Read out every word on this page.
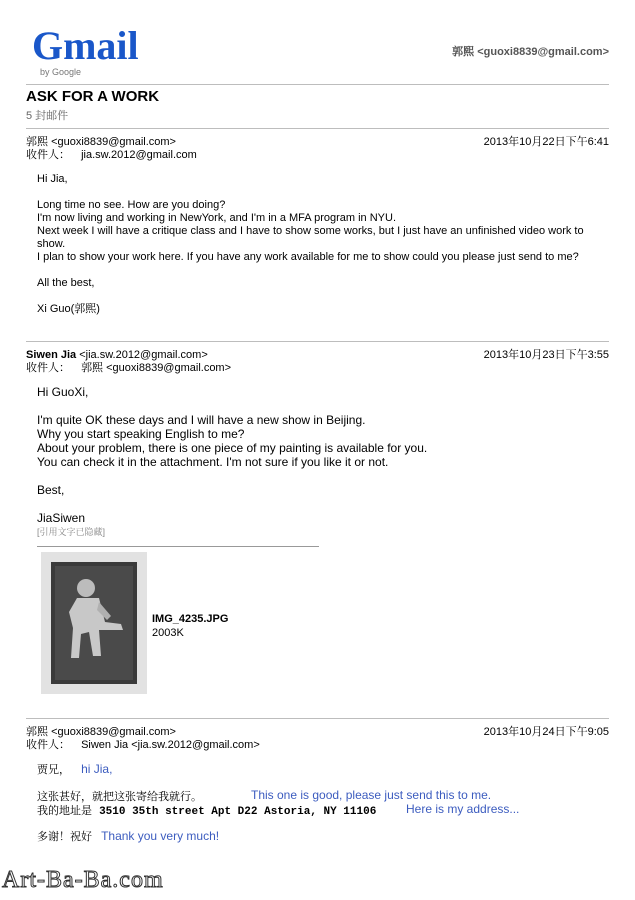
Gmail
by Google
郭熙 <guoxi8839@gmail.com>
ASK FOR A WORK
5 封邮件
郭熙 <guoxi8839@gmail.com>	2013年10月22日下午6:41
收件人： jia.sw.2012@gmail.com

Hi Jia,

Long time no see. How are you doing?

I'm now living and working in NewYork, and I'm in a MFA program in NYU.

Next week I will have a critique class and I have to show some works, but I just have an unfinished video work to

show.

I plan to show your work here. If you have any work available for me to show could you please just send to me?

All the best,

Xi Guo(郭熙)

Siwen Jia <jia.sw.2012@gmail.com>	2013年10月23日下午3:55
收件人： 郭熙 <guoxi8839@gmail.com>

Hi GuoXi,

I'm quite OK these days and I will have a new show in Beijing.

Why you start speaking English to me?

About your problem, there is one piece of my painting is available for you.

You can check it in the attachment. I'm not sure if you like it or not.

Best,

JiaSiwen

[引用文字已隐藏]

IMG_4235.JPG
2003K
郭熙 <guoxi8839@gmail.com>	2013年10月24日下午9:05
收件人： Siwen Jia <jia.sw.2012@gmail.com>
贾兄， hi Jia,
这张甚好，就把这张寄给我就行。	This one is good, please just send this to me.
我的地址是 3510 35th street Apt D22 Astoria, NY 11106 Here is my address...
多谢！祝好 Thank you very much!
Art-Ba-Ba.com
